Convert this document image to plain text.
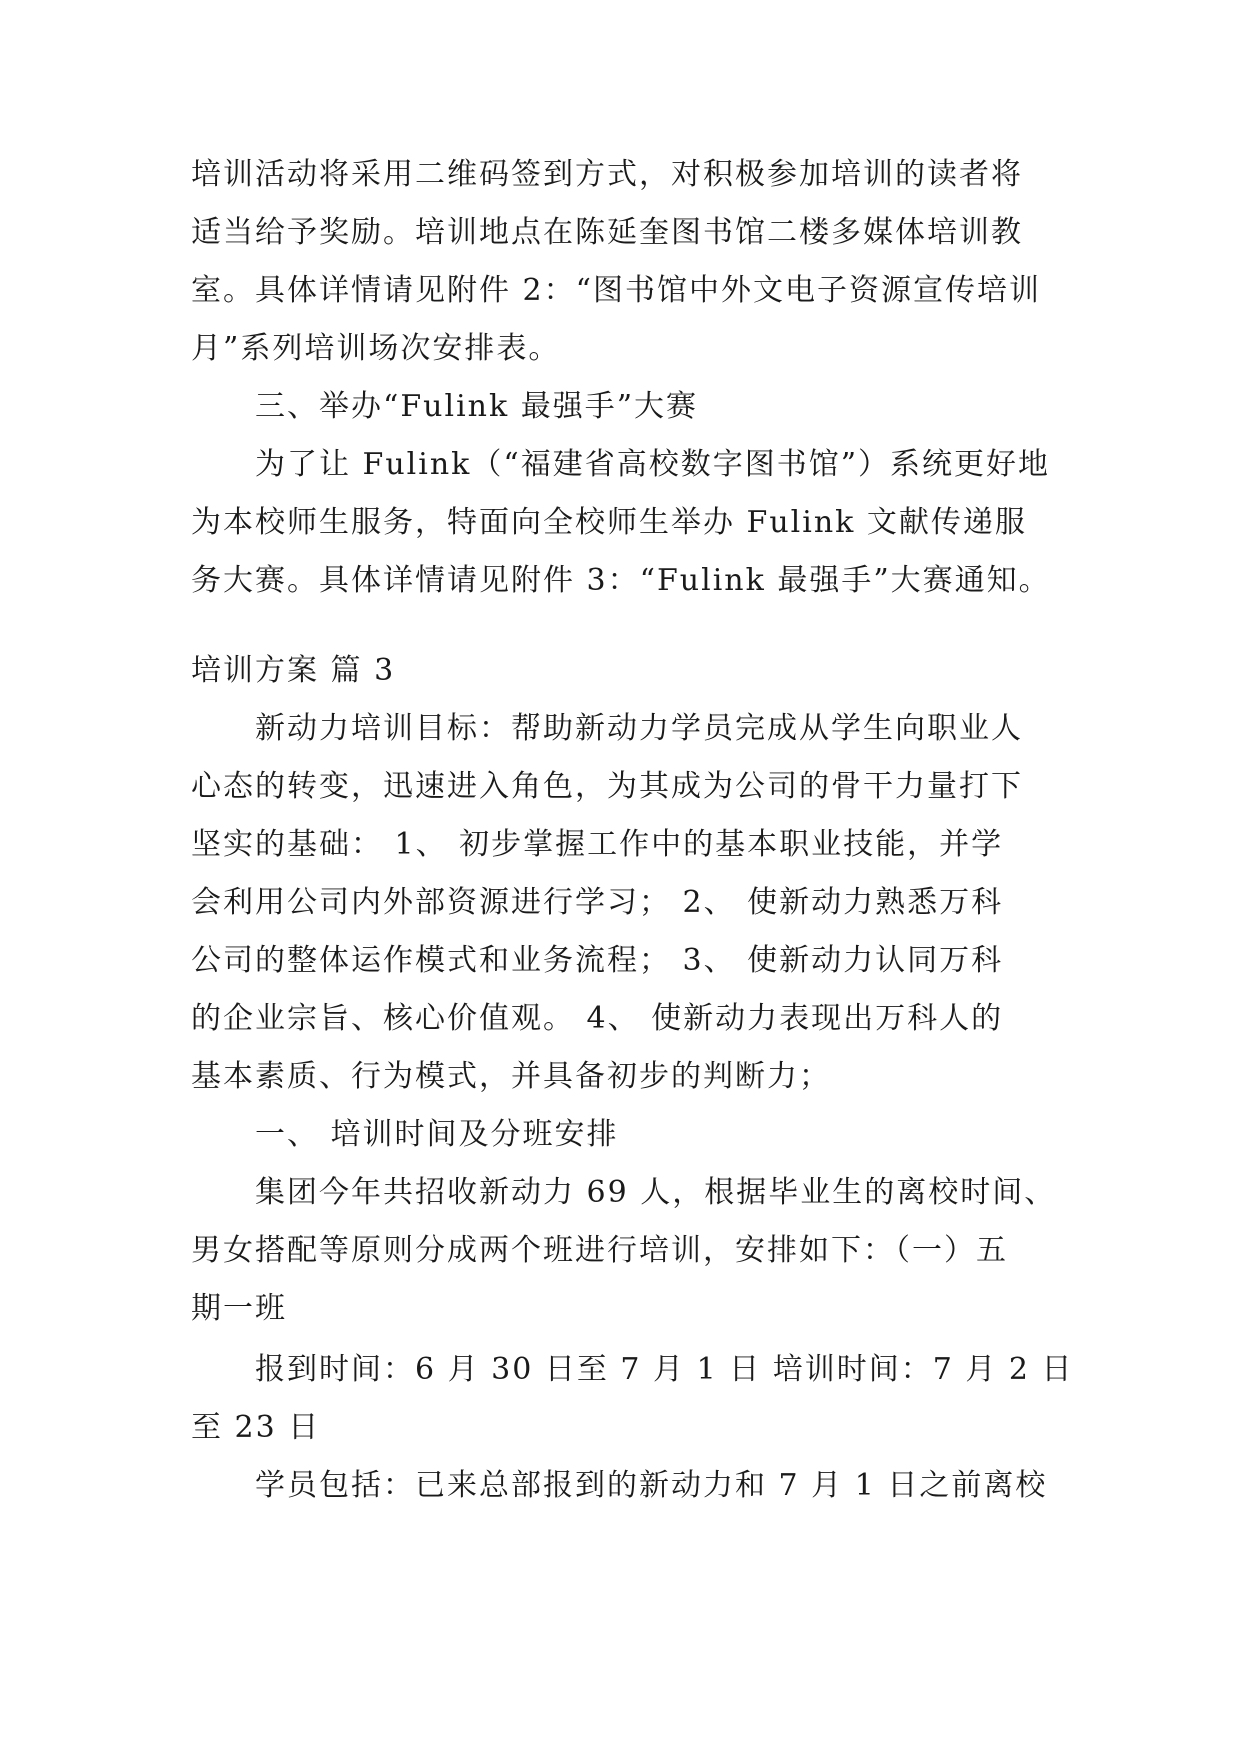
培训活动将采用二维码签到方式，对积极参加培训的读者将
适当给予奖励。培训地点在陈延奎图书馆二楼多媒体培训教
室。具体详情请见附件 2：“图书馆中外文电子资源宣传培训
月”系列培训场次安排表。
三、举办“Fulink 最强手”大赛
为了让 Fulink（“福建省高校数字图书馆”）系统更好地
为本校师生服务，特面向全校师生举办 Fulink 文献传递服
务大赛。具体详情请见附件 3：“Fulink 最强手”大赛通知。
培训方案 篇 3
新动力培训目标：帮助新动力学员完成从学生向职业人
心态的转变，迅速进入角色，为其成为公司的骨干力量打下
坚实的基础： 1、 初步掌握工作中的基本职业技能，并学
会利用公司内外部资源进行学习； 2、 使新动力熟悉万科
公司的整体运作模式和业务流程； 3、 使新动力认同万科
的企业宗旨、核心价值观。 4、 使新动力表现出万科人的
基本素质、行为模式，并具备初步的判断力；
一、 培训时间及分班安排
集团今年共招收新动力 69 人，根据毕业生的离校时间、
男女搭配等原则分成两个班进行培训，安排如下：（一）五
期一班
报到时间：6 月 30 日至 7 月 1 日 培训时间：7 月 2 日
至 23 日
学员包括：已来总部报到的新动力和 7 月 1 日之前离校
